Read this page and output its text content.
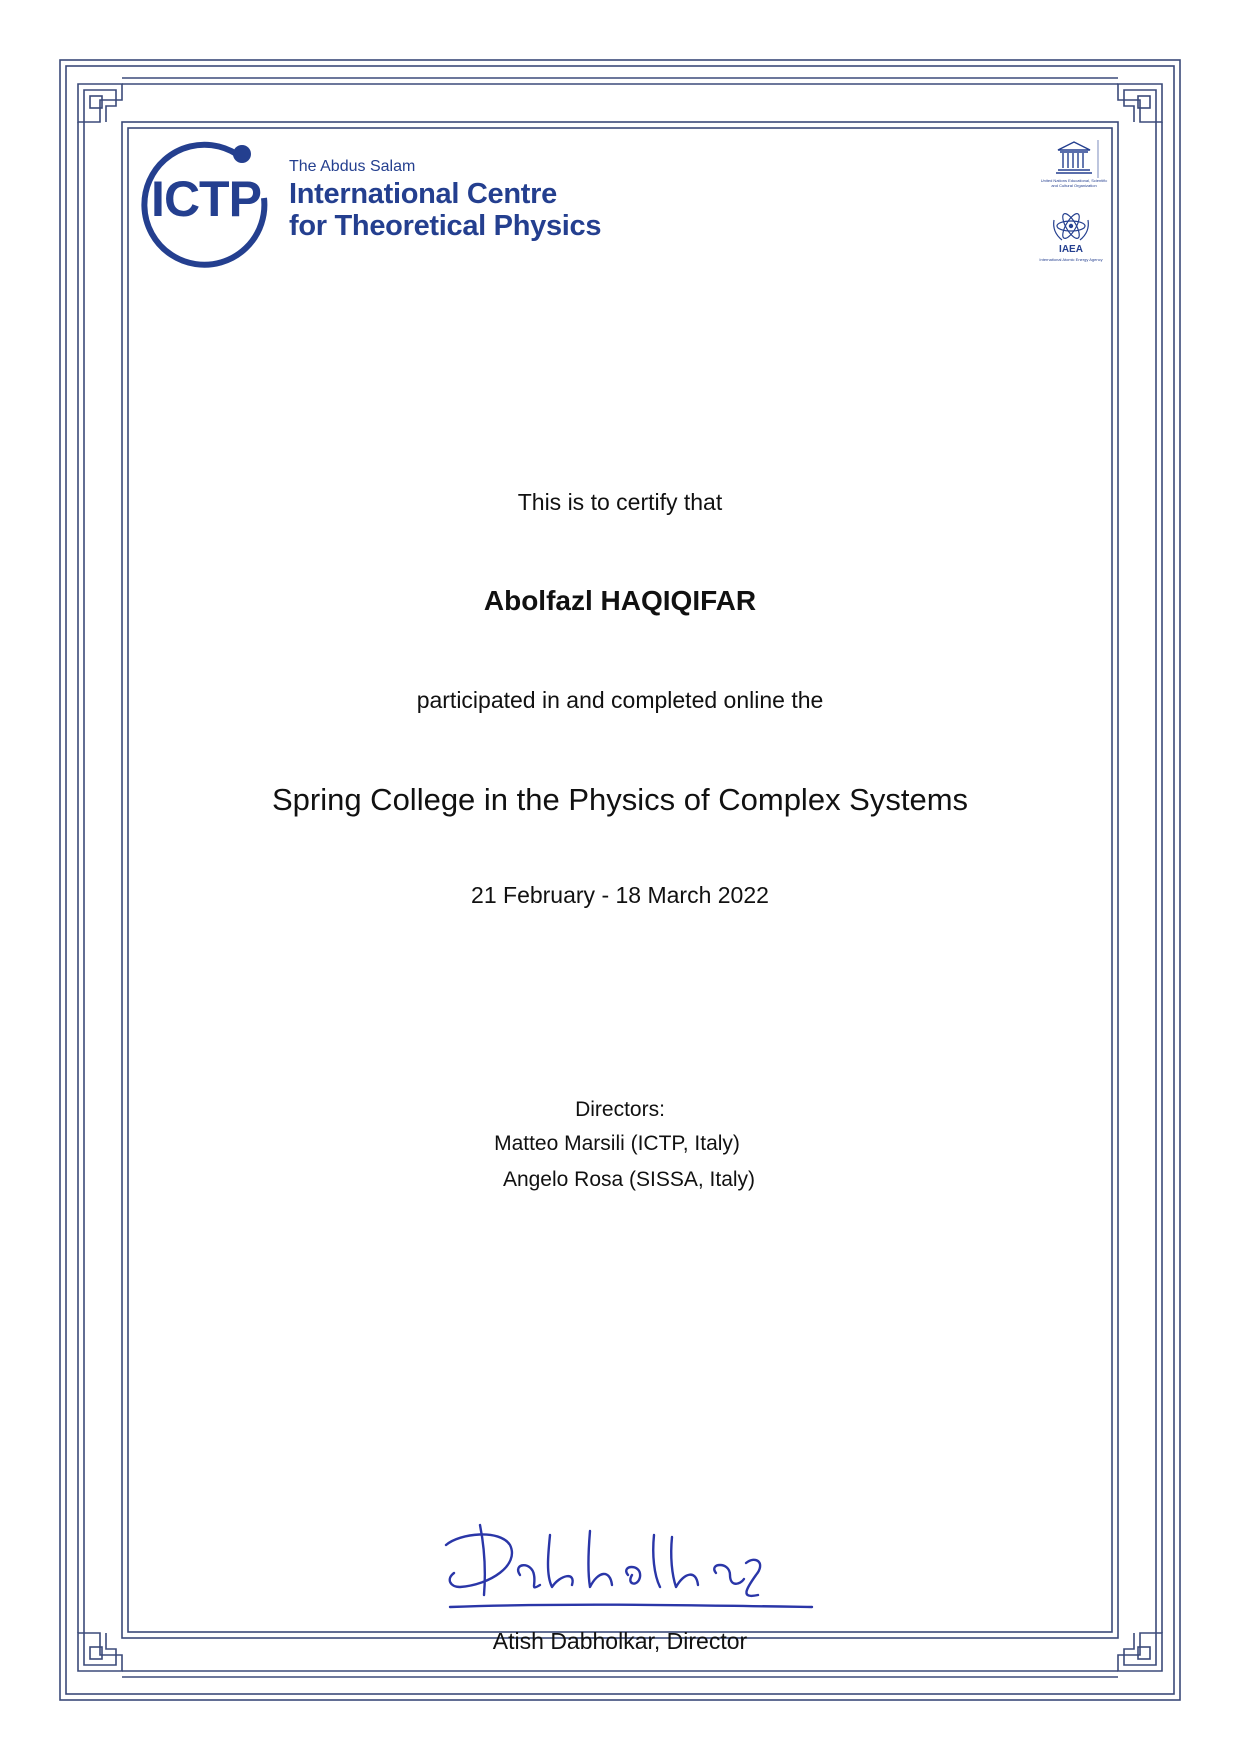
ICTP
The Abdus Salam
International Centre
for Theoretical Physics
United Nations Educational, Scientific and Cultural Organization
IAEA
International Atomic Energy Agency
This is to certify that
Abolfazl HAQIQIFAR
participated in and completed online the
Spring College in the Physics of Complex Systems
21 February - 18 March 2022
Directors:
Matteo Marsili (ICTP, Italy)
Angelo Rosa (SISSA, Italy)
Atish Dabholkar, Director
